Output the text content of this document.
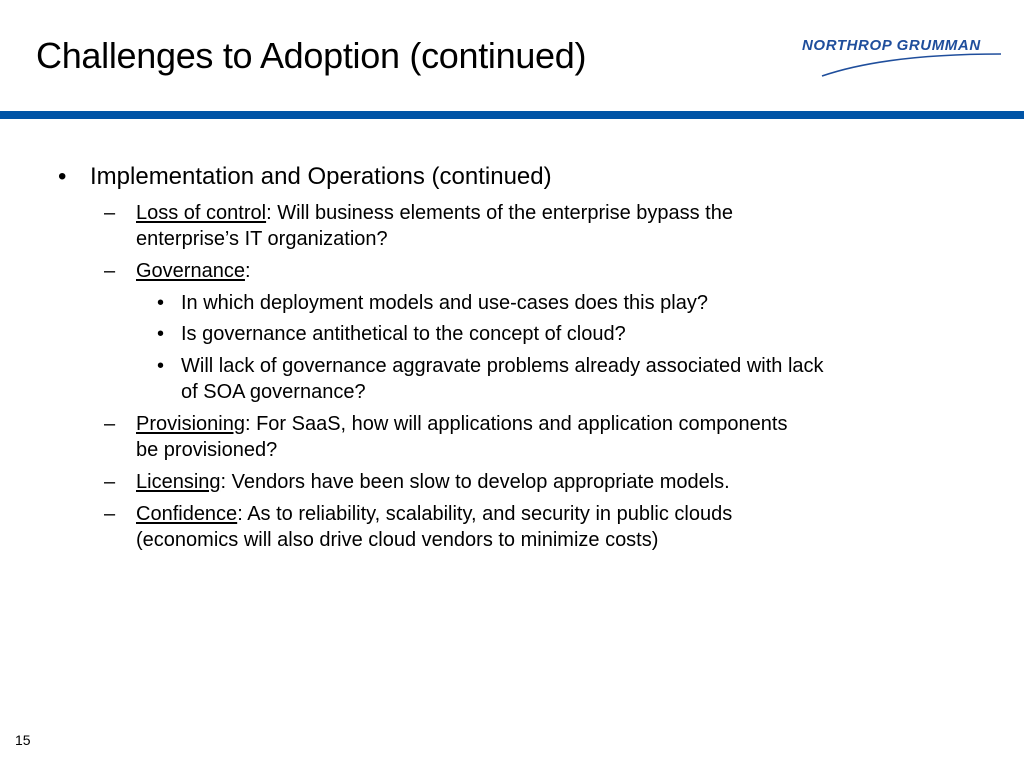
Challenges to Adoption (continued)	NORTHROP GRUMMAN
• Implementation and Operations (continued)
– Loss of control: Will business elements of the enterprise bypass the
enterprise’s IT organization?
– Governance:
• In which deployment models and use-cases does this play?
• Is governance antithetical to the concept of cloud?
• Will lack of governance aggravate problems already associated with lack
of SOA governance?
– Provisioning: For SaaS, how will applications and application components
be provisioned?
– Licensing: Vendors have been slow to develop appropriate models.
– Confidence: As to reliability, scalability, and security in public clouds
(economics will also drive cloud vendors to minimize costs)
15
